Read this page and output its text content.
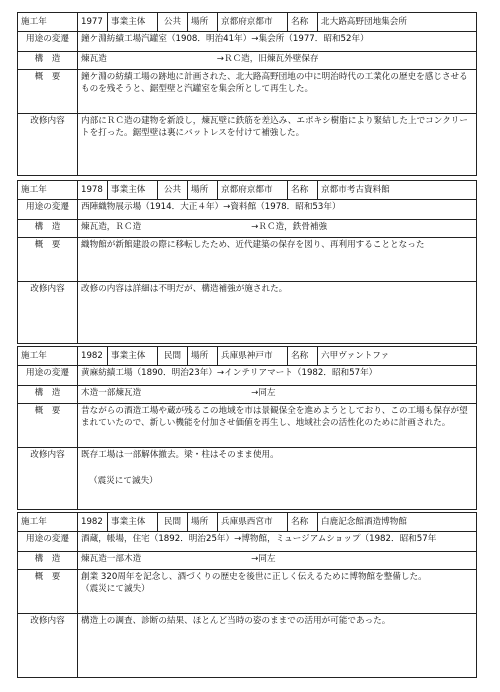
施工年	1977 事業主体	公共	場所	京都府京都市	名称	北大路高野団地集会所
用途の変遷	鐘ケ淵紡績工場汽罐室（1908．明治41年）→集会所（1977．昭和52年）
構　造	煉瓦造	→ＲＣ造，旧煉瓦外壁保存
概　要	鐘ケ淵の紡績工場の跡地に計画された、北大路高野団地の中に明治時代の工業化の歴史を感じさせるものを残そうと、鋸型壁と汽罐室を集会所として再生した。
改修内容	内部にＲＣ造の建物を新設し，煉瓦壁に鉄筋を差込み、エポキシ樹脂により緊結した上でコンクリートを打った。鋸型壁は裏にバットレスを付けて補強した。
施工年	1978 事業主体	公共	場所	京都府京都市	名称	京都市考古資料館
用途の変遷	西陣織物展示場（1914．大正４年）→資料館（1978．昭和53年）
構　造	煉瓦造，ＲＣ造	→ＲＣ造，鉄骨補強
概　要	織物館が新館建設の際に移転したため、近代建築の保存を図り、再利用することとなった
改修内容	改修の内容は詳細は不明だが、構造補強が施された。
施工年	1982 事業主体	民間	場所	兵庫県神戸市	名称	六甲ヴァントファ
用途の変遷	黄麻紡績工場（1890．明治23年）→インテリアマート（1982．昭和57年）
構　造	木造一部煉瓦造	→同左
概　要	昔ながらの酒造工場や蔵が残るこの地域を市は景観保全を進めようとしており、この工場も保存が望まれていたので、新しい機能を付加させ価値を再生し、地域社会の活性化のために計画された。
改修内容	既存工場は一部解体撤去。梁・柱はそのまま使用。
（震災にて滅失）
施工年	1982 事業主体	民間	場所	兵庫県西宮市	名称	白鹿記念館酒造博物館
用途の変遷	酒蔵，帳場，住宅（1892．明治25年）→博物館，ミュージアムショップ（1982．昭和57年
構　造	煉瓦造一部木造	→同左
概　要	創業 320周年を記念し、酒づくりの歴史を後世に正しく伝えるために博物館を整備した。
（震災にて滅失）
改修内容	構造上の調査、診断の結果、ほとんど当時の姿のままでの活用が可能であった。
